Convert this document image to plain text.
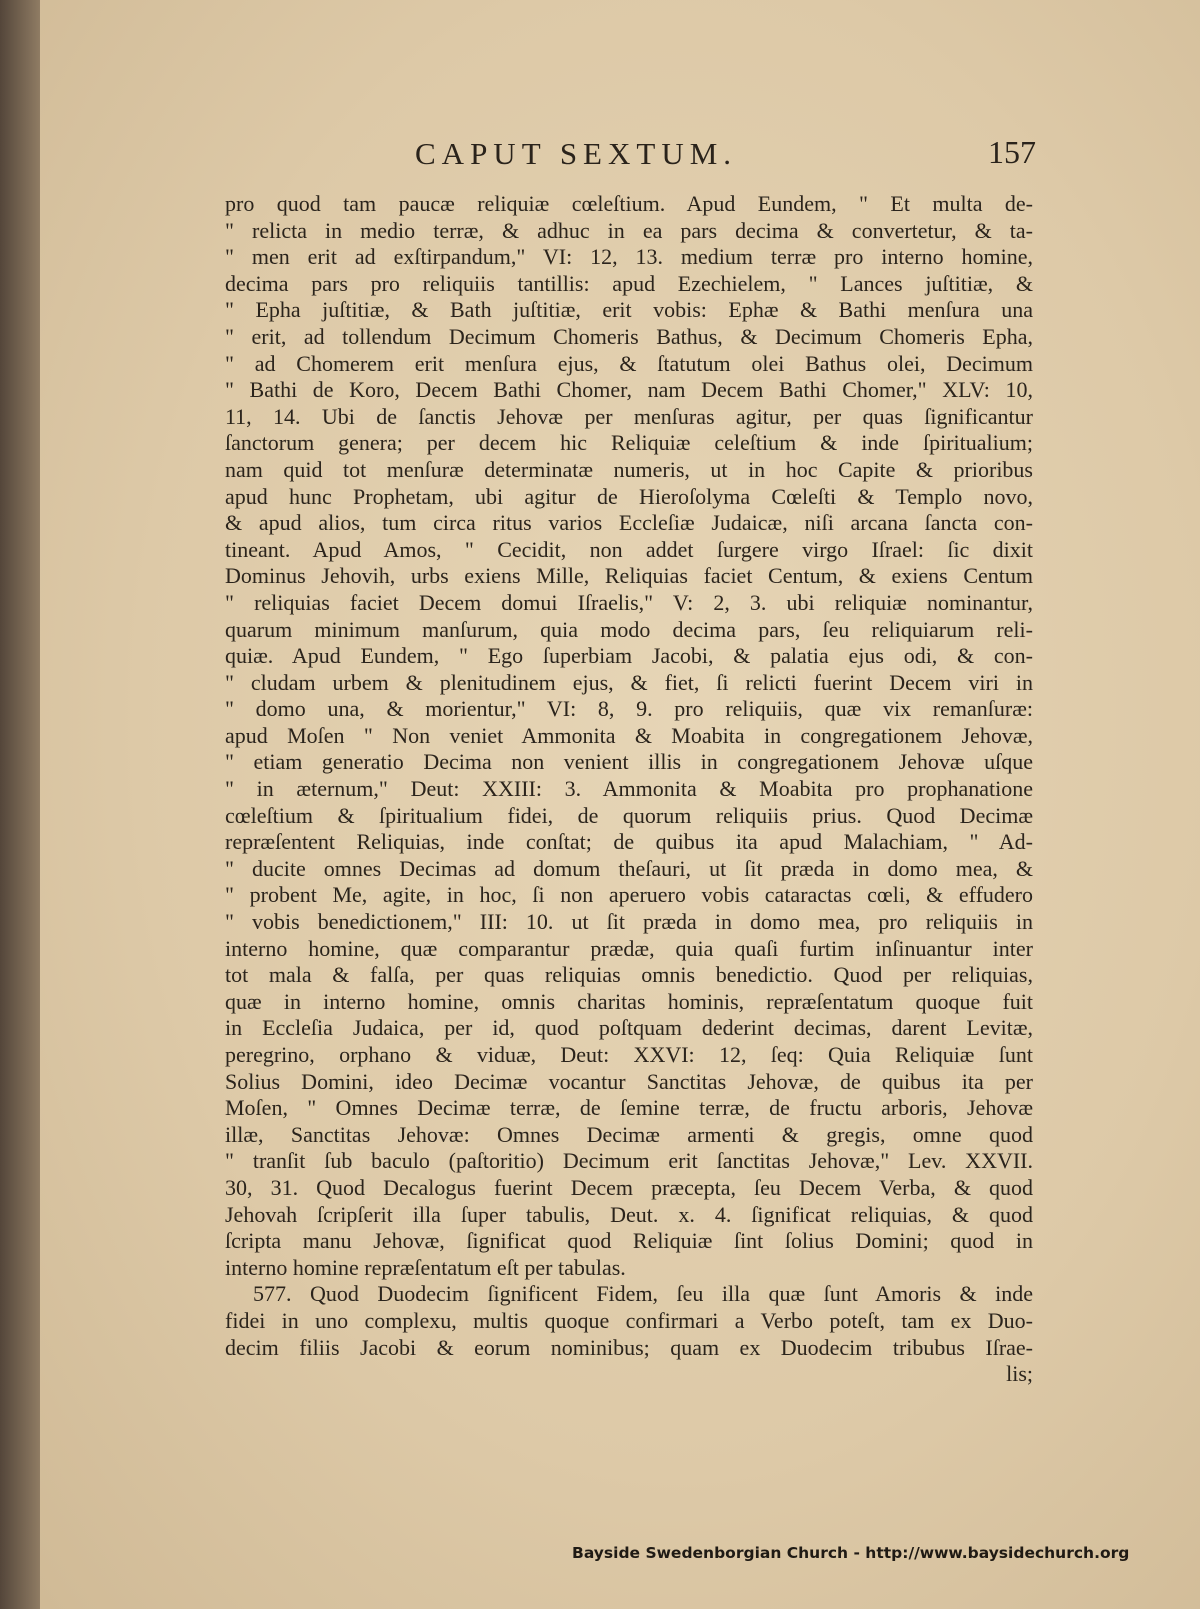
CAPUT SEXTUM.	157
pro quod tam paucæ reliquiæ cœleſtium. Apud Eundem, " Et multa de-
" relicta in medio terræ, & adhuc in ea pars decima & convertetur, & ta-
" men erit ad exſtirpandum," VI: 12, 13. medium terræ pro interno homine,
decima pars pro reliquiis tantillis: apud Ezechielem, " Lances juſtitiæ, &
" Epha juſtitiæ, & Bath juſtitiæ, erit vobis: Ephæ & Bathi menſura una
" erit, ad tollendum Decimum Chomeris Bathus, & Decimum Chomeris Epha,
" ad Chomerem erit menſura ejus, & ſtatutum olei Bathus olei, Decimum
" Bathi de Koro, Decem Bathi Chomer, nam Decem Bathi Chomer," XLV: 10,
11, 14. Ubi de ſanctis Jehovæ per menſuras agitur, per quas ſignificantur
ſanctorum genera; per decem hic Reliquiæ celeſtium & inde ſpiritualium;
nam quid tot menſuræ determinatæ numeris, ut in hoc Capite & prioribus
apud hunc Prophetam, ubi agitur de Hieroſolyma Cœleſti & Templo novo,
& apud alios, tum circa ritus varios Eccleſiæ Judaicæ, niſi arcana ſancta con-
tineant. Apud Amos, " Cecidit, non addet ſurgere virgo Iſrael: ſic dixit
Dominus Jehovih, urbs exiens Mille, Reliquias faciet Centum, & exiens Centum
" reliquias faciet Decem domui Iſraelis," V: 2, 3. ubi reliquiæ nominantur,
quarum minimum manſurum, quia modo decima pars, ſeu reliquiarum reli-
quiæ. Apud Eundem, " Ego ſuperbiam Jacobi, & palatia ejus odi, & con-
" cludam urbem & plenitudinem ejus, & fiet, ſi relicti fuerint Decem viri in
" domo una, & morientur," VI: 8, 9. pro reliquiis, quæ vix remanſuræ:
apud Moſen " Non veniet Ammonita & Moabita in congregationem Jehovæ,
" etiam generatio Decima non venient illis in congregationem Jehovæ uſque
" in æternum," Deut: XXIII: 3. Ammonita & Moabita pro prophanatione
cœleſtium & ſpiritualium fidei, de quorum reliquiis prius. Quod Decimæ
repræſentent Reliquias, inde conſtat; de quibus ita apud Malachiam, " Ad-
" ducite omnes Decimas ad domum theſauri, ut ſit præda in domo mea, &
" probent Me, agite, in hoc, ſi non aperuero vobis cataractas cœli, & effudero
" vobis benedictionem," III: 10. ut ſit præda in domo mea, pro reliquiis in
interno homine, quæ comparantur prædæ, quia quaſi furtim inſinuantur inter
tot mala & falſa, per quas reliquias omnis benedictio. Quod per reliquias,
quæ in interno homine, omnis charitas hominis, repræſentatum quoque fuit
in Eccleſia Judaica, per id, quod poſtquam dederint decimas, darent Levitæ,
peregrino, orphano & viduæ, Deut: XXVI: 12, ſeq: Quia Reliquiæ ſunt
Solius Domini, ideo Decimæ vocantur Sanctitas Jehovæ, de quibus ita per
Moſen, " Omnes Decimæ terræ, de ſemine terræ, de fructu arboris, Jehovæ
illæ, Sanctitas Jehovæ: Omnes Decimæ armenti & gregis, omne quod
" tranſit ſub baculo (paſtoritio) Decimum erit ſanctitas Jehovæ," Lev. XXVII.
30, 31. Quod Decalogus fuerint Decem præcepta, ſeu Decem Verba, & quod
Jehovah ſcripſerit illa ſuper tabulis, Deut. x. 4. ſignificat reliquias, & quod
ſcripta manu Jehovæ, ſignificat quod Reliquiæ ſint ſolius Domini; quod in
interno homine repræſentatum eſt per tabulas.
577. Quod Duodecim ſignificent Fidem, ſeu illa quæ ſunt Amoris & inde
fidei in uno complexu, multis quoque confirmari a Verbo poteſt, tam ex Duo-
decim filiis Jacobi & eorum nominibus; quam ex Duodecim tribubus Iſrae-
lis;
Bayside Swedenborgian Church - http://www.baysidechurch.org
